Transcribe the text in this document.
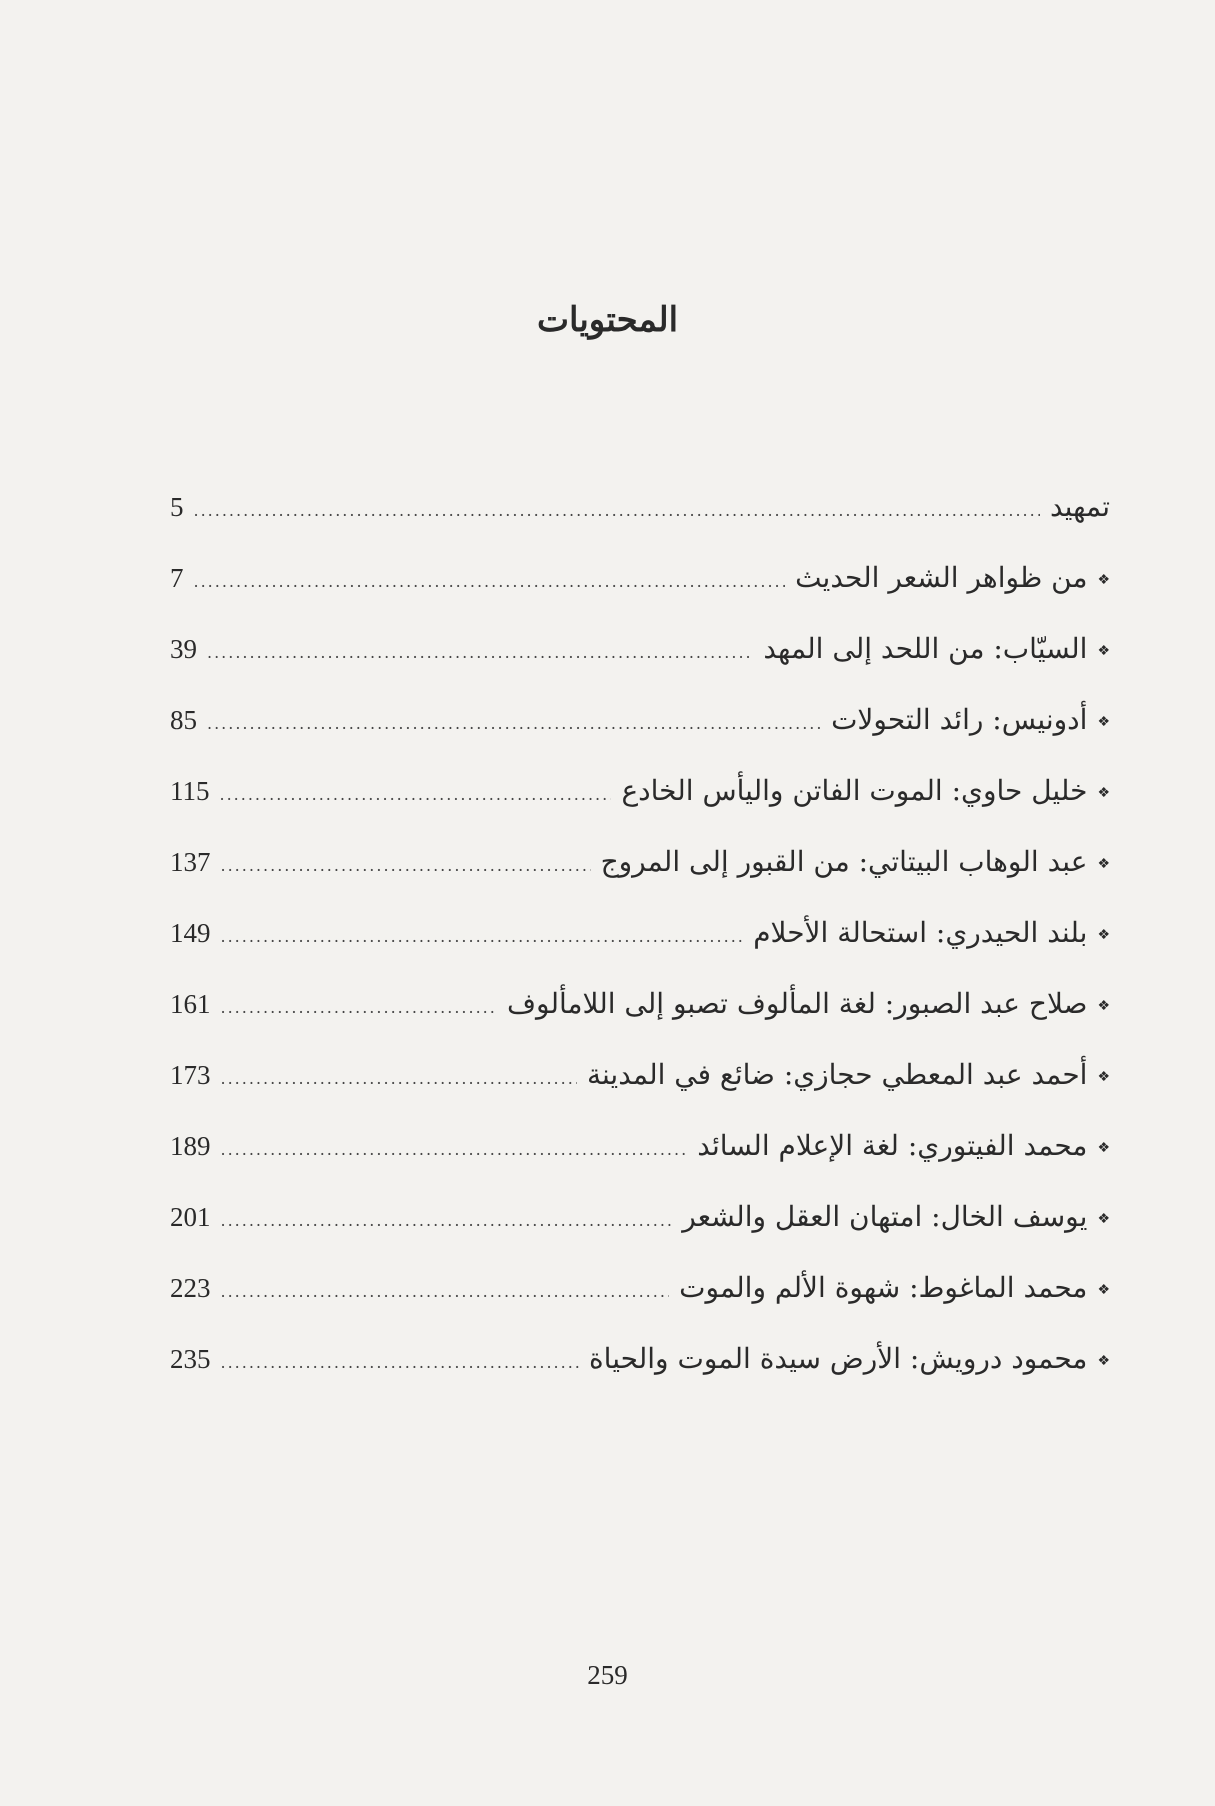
المحتويات
تمهيد
.....
5
❖من ظواهر الشعر الحديث
.....
7
❖السيّاب: من اللحد إلى المهد
.....
39
❖أدونيس: رائد التحولات
.....
85
❖خليل حاوي: الموت الفاتن واليأس الخادع
.....
115
❖عبد الوهاب البيتاتي: من القبور إلى المروج
.....
137
❖بلند الحيدري: استحالة الأحلام
.....
149
❖صلاح عبد الصبور: لغة المألوف تصبو إلى اللامألوف
.....
161
❖أحمد عبد المعطي حجازي: ضائع في المدينة
.....
173
❖محمد الفيتوري: لغة الإعلام السائد
.....
189
❖يوسف الخال: امتهان العقل والشعر
.....
201
❖محمد الماغوط: شهوة الألم والموت
.....
223
❖محمود درويش: الأرض سيدة الموت والحياة
.....
235
259
